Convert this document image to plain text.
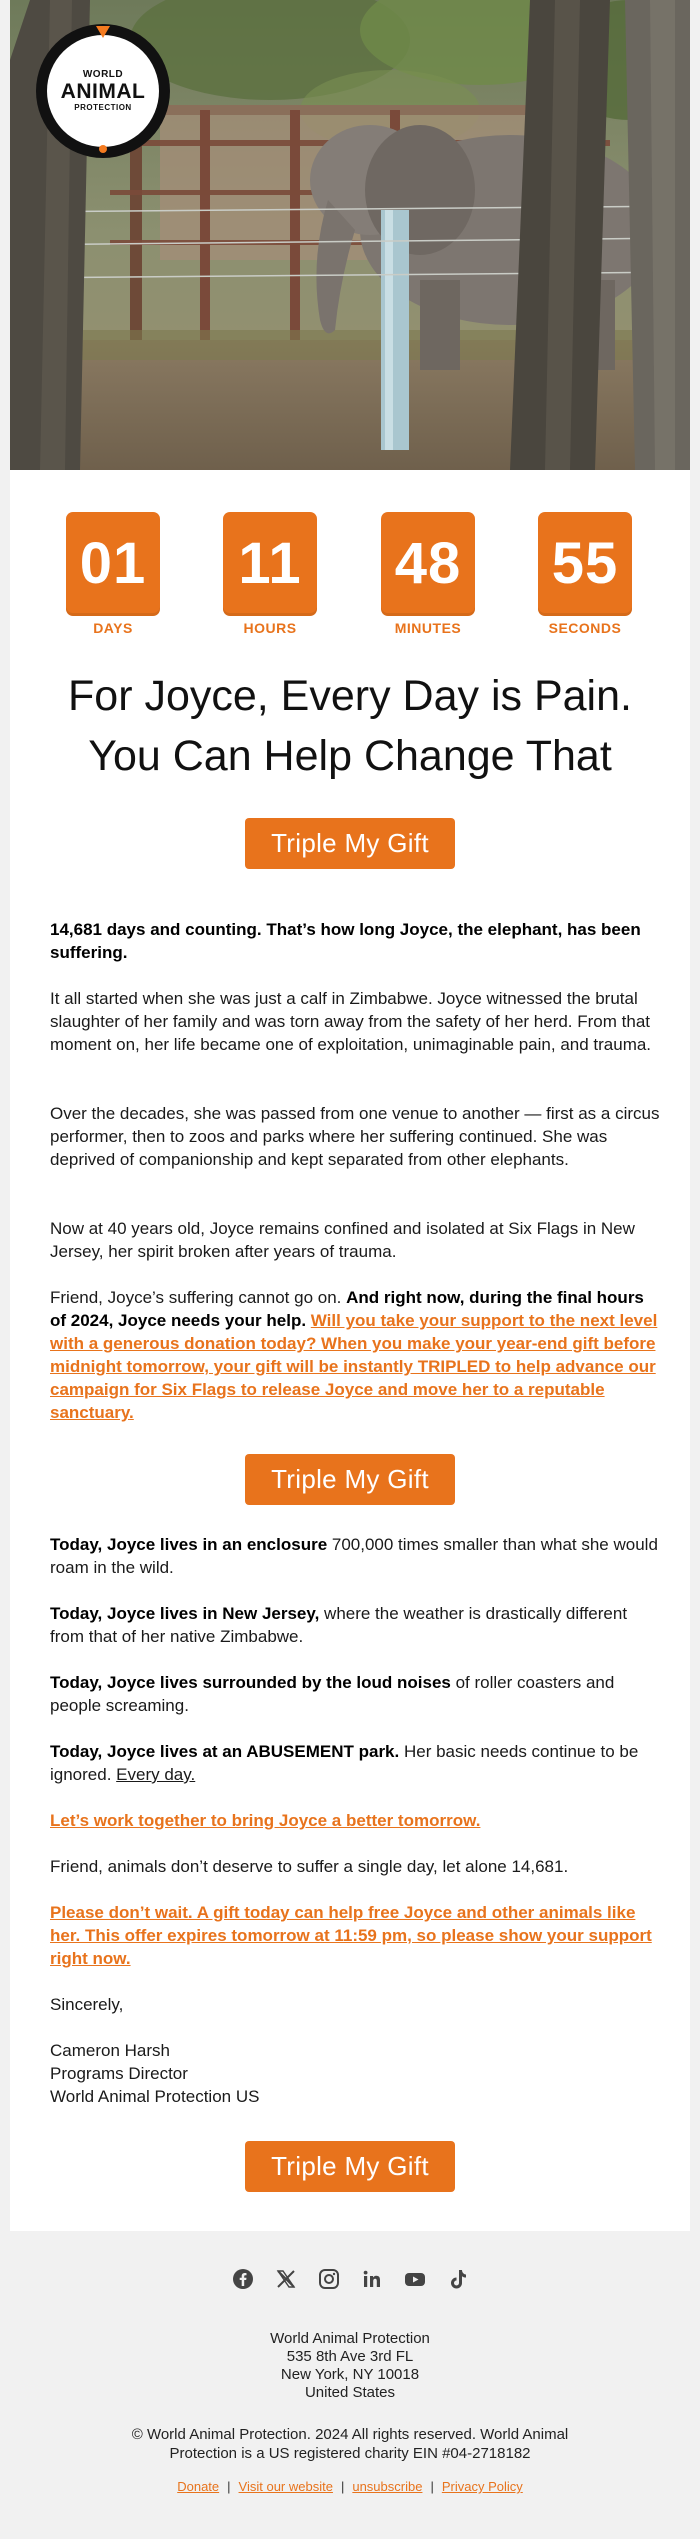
WORLD
ANIMAL
PROTECTION
01
DAYS
11
HOURS
48
MINUTES
55
SECONDS
For Joyce, Every Day is Pain.
You Can Help Change That
Triple My Gift
14,681 days and counting. That’s how long Joyce, the elephant, has been suffering.
It all started when she was just a calf in Zimbabwe. Joyce witnessed the brutal slaughter of her family and was torn away from the safety of her herd. From that moment on, her life became one of exploitation, unimaginable pain, and trauma.
Over the decades, she was passed from one venue to another — first as a circus performer, then to zoos and parks where her suffering continued. She was deprived of companionship and kept separated from other elephants.
Now at 40 years old, Joyce remains confined and isolated at Six Flags in New Jersey, her spirit broken after years of trauma.
Friend, Joyce’s suffering cannot go on. And right now, during the final hours of 2024, Joyce needs your help. Will you take your support to the next level with a generous donation today? When you make your year-end gift before midnight tomorrow, your gift will be instantly TRIPLED to help advance our campaign for Six Flags to release Joyce and move her to a reputable sanctuary.
Triple My Gift
Today, Joyce lives in an enclosure 700,000 times smaller than what she would roam in the wild.
Today, Joyce lives in New Jersey, where the weather is drastically different from that of her native Zimbabwe.
Today, Joyce lives surrounded by the loud noises of roller coasters and people screaming.
Today, Joyce lives at an ABUSEMENT park. Her basic needs continue to be ignored. Every day.
Let’s work together to bring Joyce a better tomorrow.
Friend, animals don’t deserve to suffer a single day, let alone 14,681.
Please don’t wait. A gift today can help free Joyce and other animals like her. This offer expires tomorrow at 11:59 pm, so please show your support right now.
Sincerely,
Cameron Harsh
Programs Director
World Animal Protection US
Triple My Gift
World Animal Protection
535 8th Ave 3rd FL
New York, NY 10018
United States
© World Animal Protection. 2024 All rights reserved. World Animal Protection is a US registered charity EIN #04-2718182
Donate | Visit our website | unsubscribe | Privacy Policy
